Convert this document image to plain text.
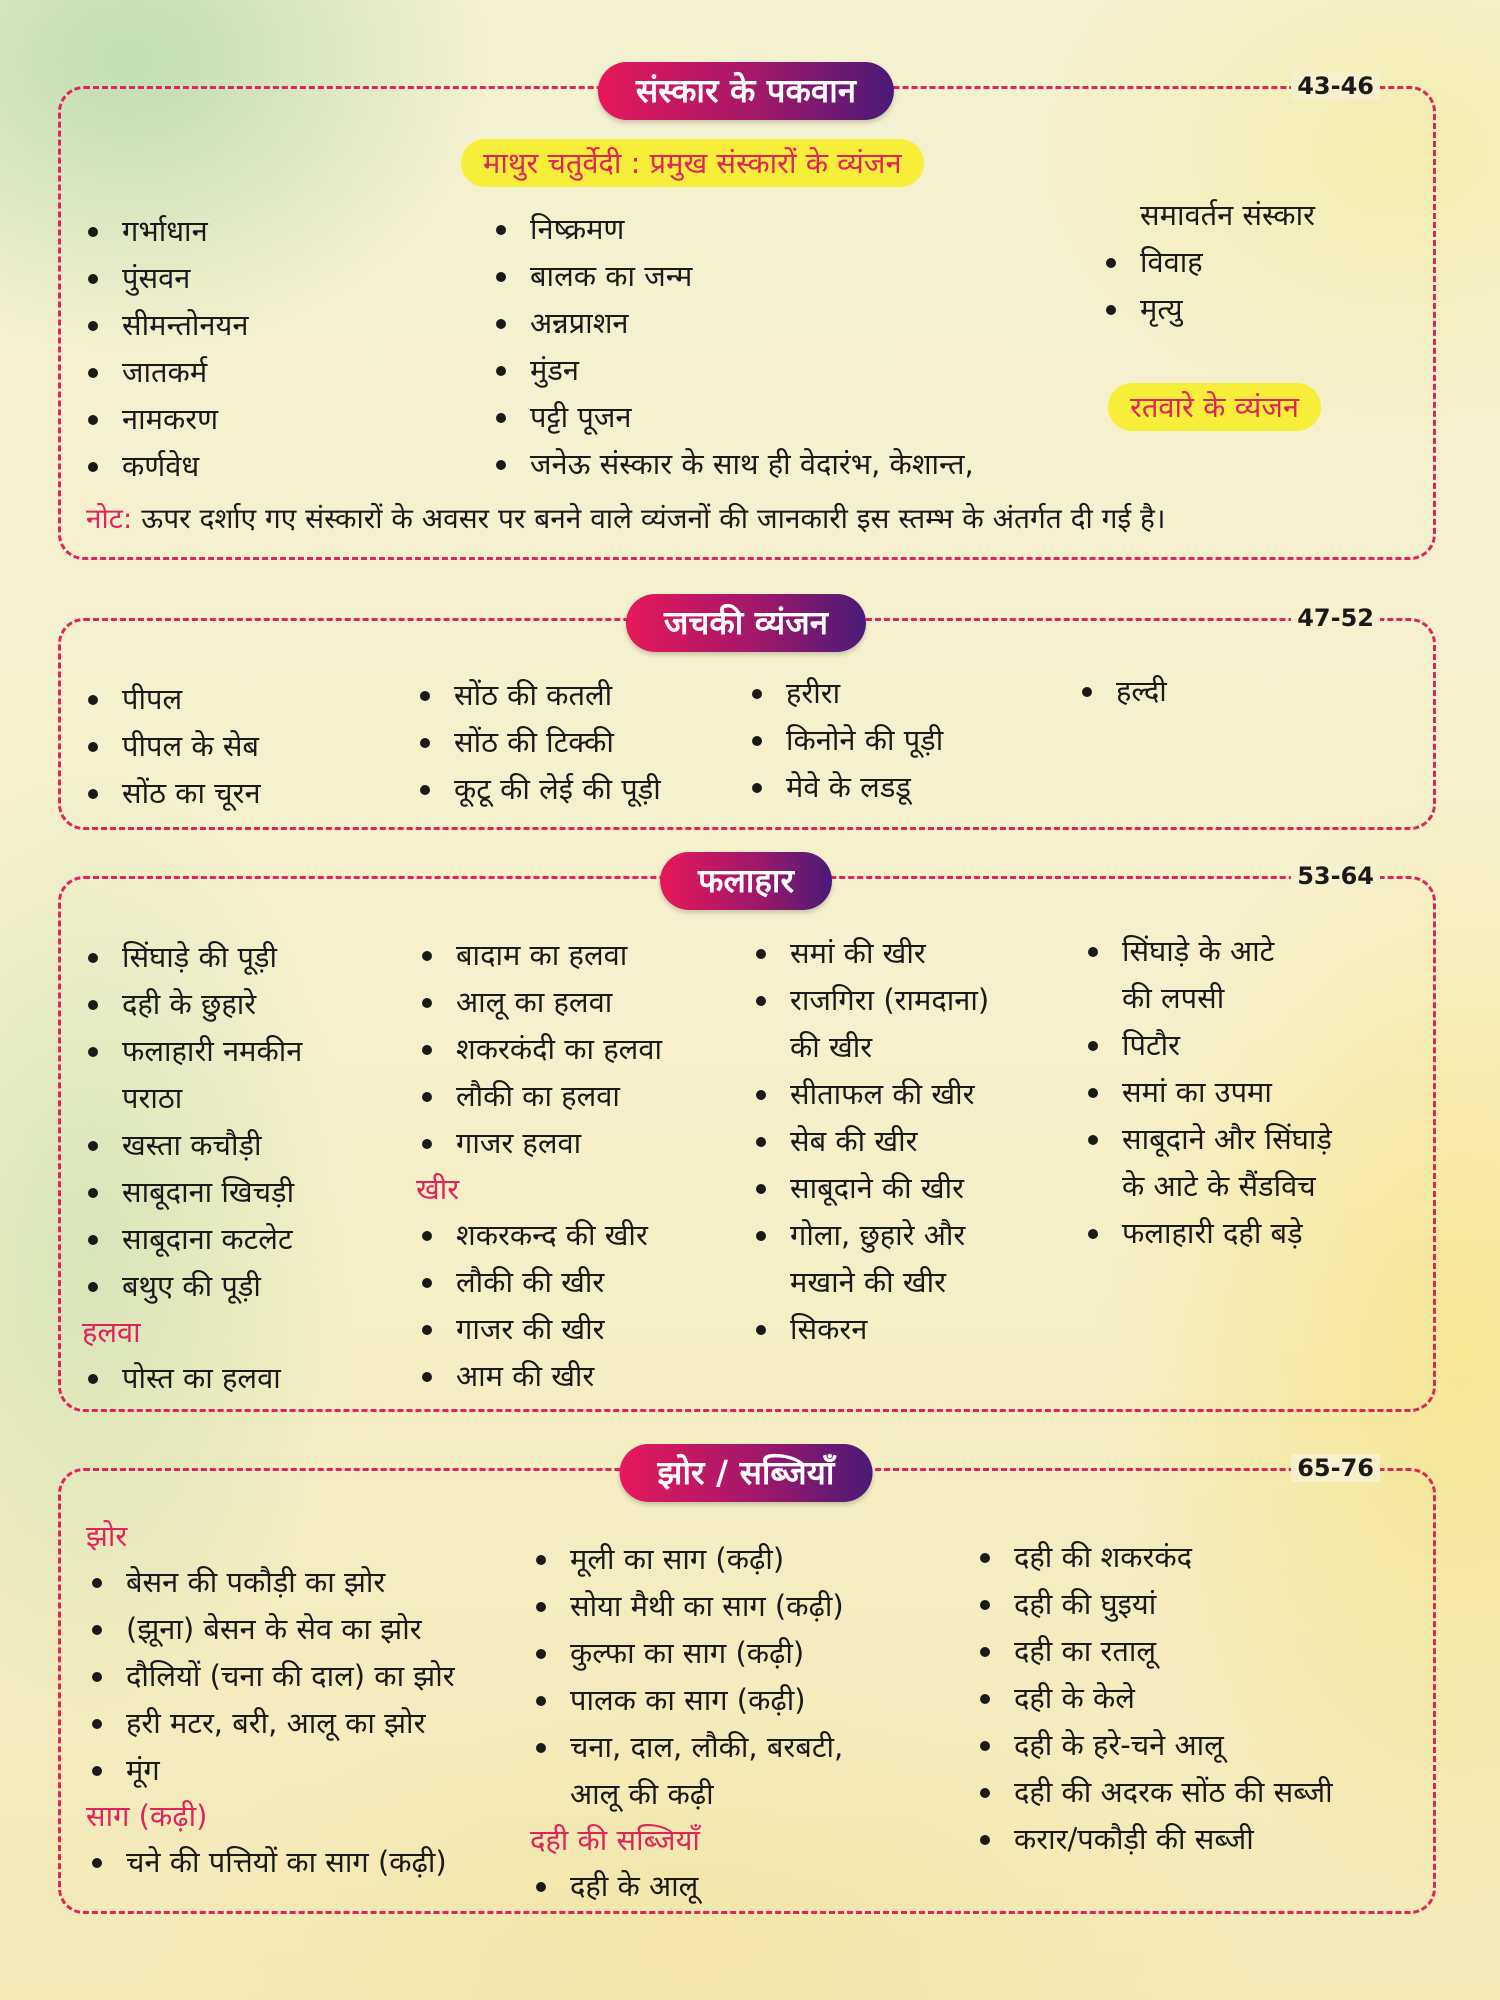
संस्कार के पकवान	43-46
माथुर चतुर्वेदी : प्रमुख संस्कारों के व्यंजन
गर्भाधान
पुंसवन
सीमन्तोनयन
जातकर्म
नामकरण
कर्णवेध
निष्क्रमण
बालक का जन्म
अन्नप्राशन
मुंडन
पट्टी पूजन
जनेऊ संस्कार के साथ ही वेदारंभ, केशान्त,
समावर्तन संस्कार
विवाह
मृत्यु
रतवारे के व्यंजन
नोट: ऊपर दर्शाए गए संस्कारों के अवसर पर बनने वाले व्यंजनों की जानकारी इस स्तम्भ के अंतर्गत दी गई है।
जचकी व्यंजन	47-52
पीपल
पीपल के सेब
सोंठ का चूरन
सोंठ की कतली
सोंठ की टिक्की
कूटू की लेई की पूड़ी
हरीरा
किनोने की पूड़ी
मेवे के लडडू
हल्दी
फलाहार	53-64
सिंघाड़े की पूड़ी
दही के छुहारे
फलाहारी नमकीन
पराठा
खस्ता कचौड़ी
साबूदाना खिचड़ी
साबूदाना कटलेट
बथुए की पूड़ी
हलवा
पोस्त का हलवा
बादाम का हलवा
आलू का हलवा
शकरकंदी का हलवा
लौकी का हलवा
गाजर हलवा
खीर
शकरकन्द की खीर
लौकी की खीर
गाजर की खीर
आम की खीर
समां की खीर
राजगिरा (रामदाना)
की खीर
सीताफल की खीर
सेब की खीर
साबूदाने की खीर
गोला, छुहारे और
मखाने की खीर
सिकरन
सिंघाड़े के आटे
की लपसी
पिटौर
समां का उपमा
साबूदाने और सिंघाड़े
के आटे के सैंडविच
फलाहारी दही बड़े
झोर / सब्जियाँ	65-76
झोर
बेसन की पकौड़ी का झोर
(झूना) बेसन के सेव का झोर
दौलियों (चना की दाल) का झोर
हरी मटर, बरी, आलू का झोर
मूंग
साग (कढ़ी)
चने की पत्तियों का साग (कढ़ी)
मूली का साग (कढ़ी)
सोया मैथी का साग (कढ़ी)
कुल्फा का साग (कढ़ी)
पालक का साग (कढ़ी)
चना, दाल, लौकी, बरबटी,
आलू की कढ़ी
दही की सब्जियाँ
दही के आलू
दही की शकरकंद
दही की घुइयां
दही का रतालू
दही के केले
दही के हरे-चने आलू
दही की अदरक सोंठ की सब्जी
करार/पकौड़ी की सब्जी
